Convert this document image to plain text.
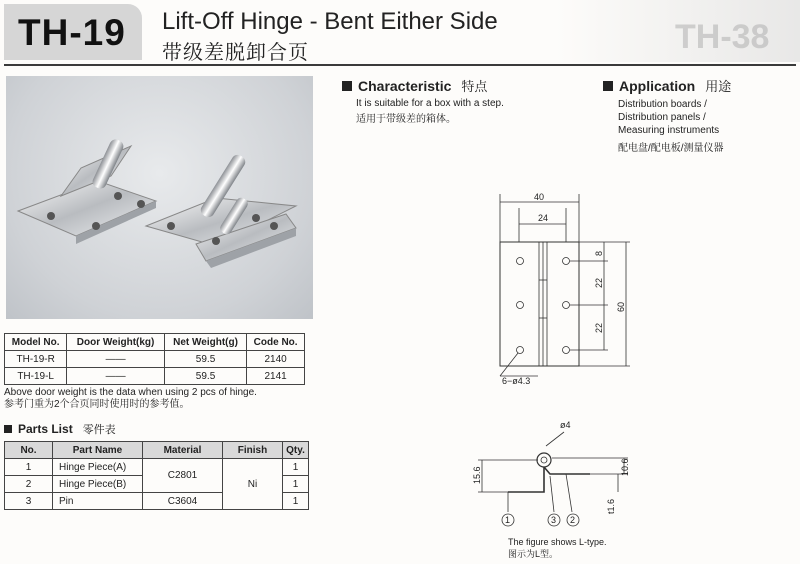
TH-19 Lift-Off Hinge - Bent Either Side
带级差脱卸合页	TH-38
Characteristic 特点
It is suitable for a box with a step.
适用于带级差的箱体。
Application 用途
Distribution boards /
Distribution panels /
Measuring instruments
配电盘/配电板/测量仪器
Model No.	Door Weight(kg)	Net Weight(g)	Code No.
TH-19-R	——	59.5	2140
TH-19-L	——	59.5	2141
Above door weight is the data when using 2 pcs of hinge.
参考门重为2个合页同时使用时的参考值。
Parts List 零件表
No.	Part Name	Material	Finish	Qty.
1	Hinge Piece(A)	C2801	Ni	1
2	Hinge Piece(B)			1
3	Pin	C3604		1
40
24
8
22
22
60
6−ø4.3
ø4
15.6	10.6
t1.6
1	3 2
The figure shows L-type.
图示为L型。
